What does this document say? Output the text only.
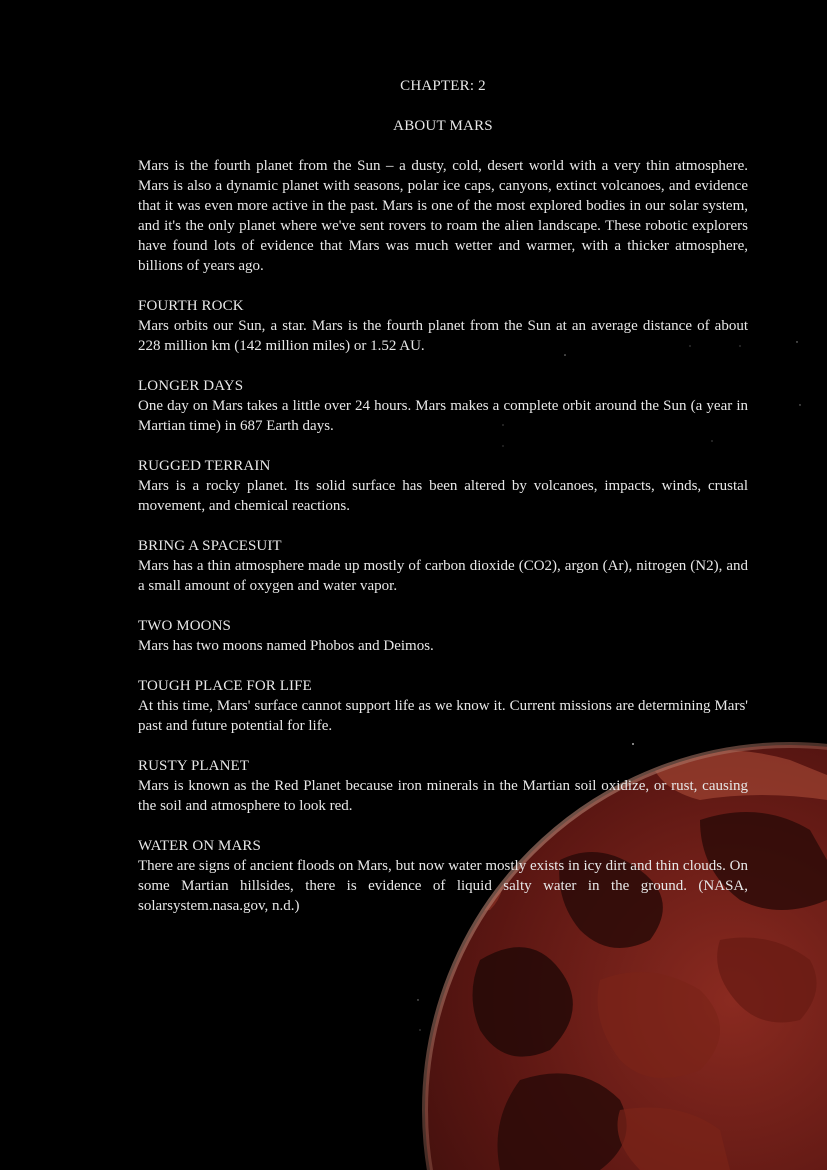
CHAPTER: 2
ABOUT MARS

Mars is the fourth planet from the Sun – a dusty, cold, desert world with a very thin atmosphere. Mars is also a dynamic planet with seasons, polar ice caps, canyons, extinct volcanoes, and evidence that it was even more active in the past. Mars is one of the most explored bodies in our solar system, and it's the only planet where we've sent rovers to roam the alien landscape. These robotic explorers have found lots of evidence that Mars was much wetter and warmer, with a thicker atmosphere, billions of years ago.

FOURTH ROCK

Mars orbits our Sun, a star. Mars is the fourth planet from the Sun at an average distance of about 228 million km (142 million miles) or 1.52 AU.

LONGER DAYS

One day on Mars takes a little over 24 hours. Mars makes a complete orbit around the Sun (a year in Martian time) in 687 Earth days.

RUGGED TERRAIN

Mars is a rocky planet. Its solid surface has been altered by volcanoes, impacts, winds, crustal movement, and chemical reactions.

BRING A SPACESUIT

Mars has a thin atmosphere made up mostly of carbon dioxide (CO2), argon (Ar), nitrogen (N2), and a small amount of oxygen and water vapor.

TWO MOONS

Mars has two moons named Phobos and Deimos.

TOUGH PLACE FOR LIFE

At this time, Mars' surface cannot support life as we know it. Current missions are determining Mars' past and future potential for life.

RUSTY PLANET

Mars is known as the Red Planet because iron minerals in the Martian soil oxidize, or rust, causing the soil and atmosphere to look red.

WATER ON MARS

There are signs of ancient floods on Mars, but now water mostly exists in icy dirt and thin clouds. On some Martian hillsides, there is evidence of liquid salty water in the ground. (NASA, solarsystem.nasa.gov, n.d.)
